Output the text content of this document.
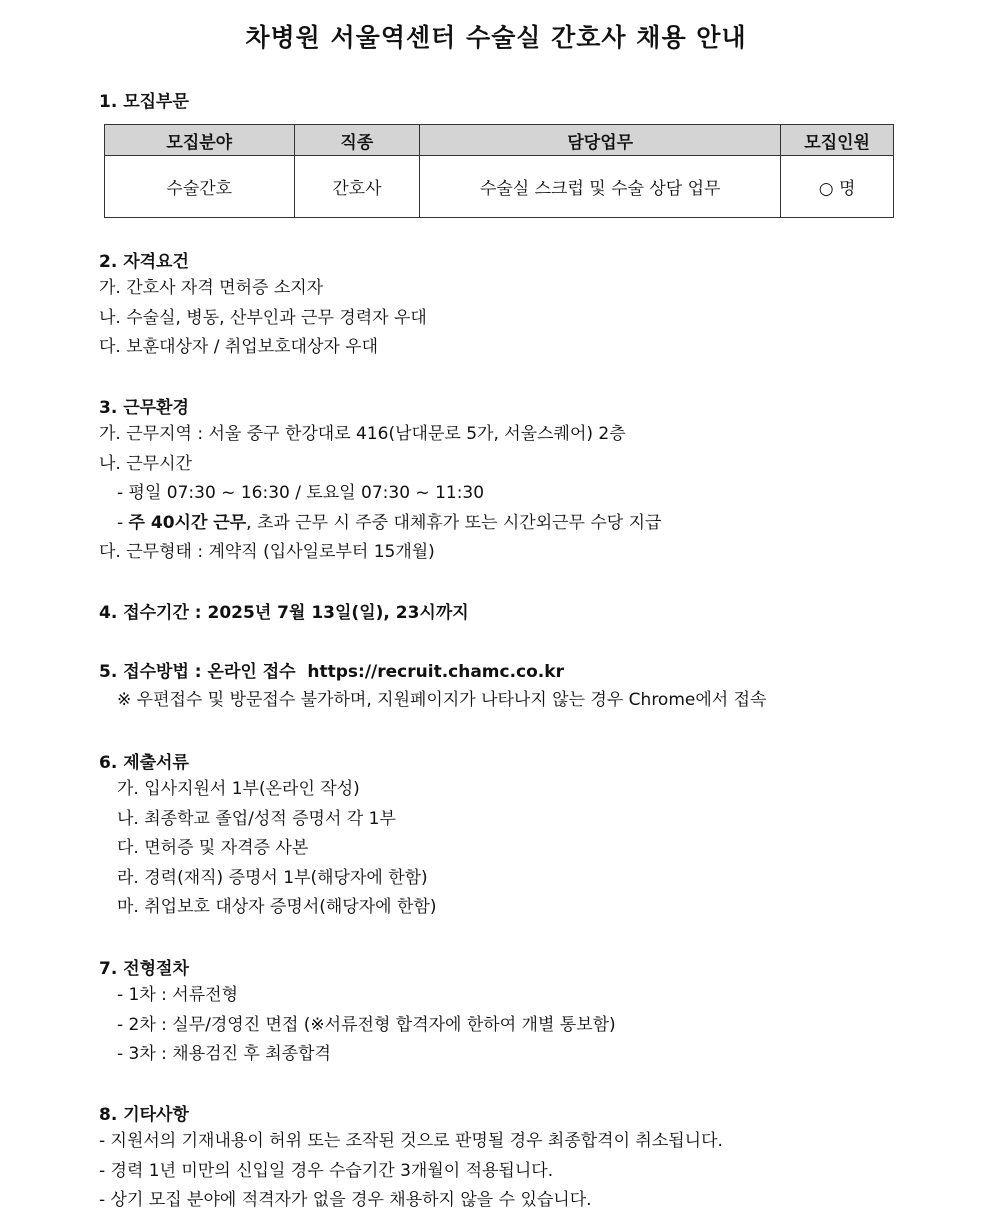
차병원 서울역센터 수술실 간호사 채용 안내
1. 모집부문
모집분야	직종	담당업무	모집인원
수술간호	간호사	수술실 스크럽 및 수술 상담 업무	○ 명
2. 자격요건
가. 간호사 자격 면허증 소지자
나. 수술실, 병동, 산부인과 근무 경력자 우대
다. 보훈대상자 / 취업보호대상자 우대
3. 근무환경
가. 근무지역 : 서울 중구 한강대로 416(남대문로 5가, 서울스퀘어) 2층
나. 근무시간
- 평일 07:30 ~ 16:30 / 토요일 07:30 ~ 11:30
- 주 40시간 근무, 초과 근무 시 주중 대체휴가 또는 시간외근무 수당 지급
다. 근무형태 : 계약직 (입사일로부터 15개월)
4. 접수기간 : 2025년 7월 13일(일), 23시까지
5. 접수방법 : 온라인 접수 https://recruit.chamc.co.kr
※ 우편접수 및 방문접수 불가하며, 지원페이지가 나타나지 않는 경우 Chrome에서 접속
6. 제출서류
가. 입사지원서 1부(온라인 작성)
나. 최종학교 졸업/성적 증명서 각 1부
다. 면허증 및 자격증 사본
라. 경력(재직) 증명서 1부(해당자에 한함)
마. 취업보호 대상자 증명서(해당자에 한함)
7. 전형절차
- 1차 : 서류전형
- 2차 : 실무/경영진 면접 (※서류전형 합격자에 한하여 개별 통보함)
- 3차 : 채용검진 후 최종합격
8. 기타사항
- 지원서의 기재내용이 허위 또는 조작된 것으로 판명될 경우 최종합격이 취소됩니다.
- 경력 1년 미만의 신입일 경우 수습기간 3개월이 적용됩니다.
- 상기 모집 분야에 적격자가 없을 경우 채용하지 않을 수 있습니다.
